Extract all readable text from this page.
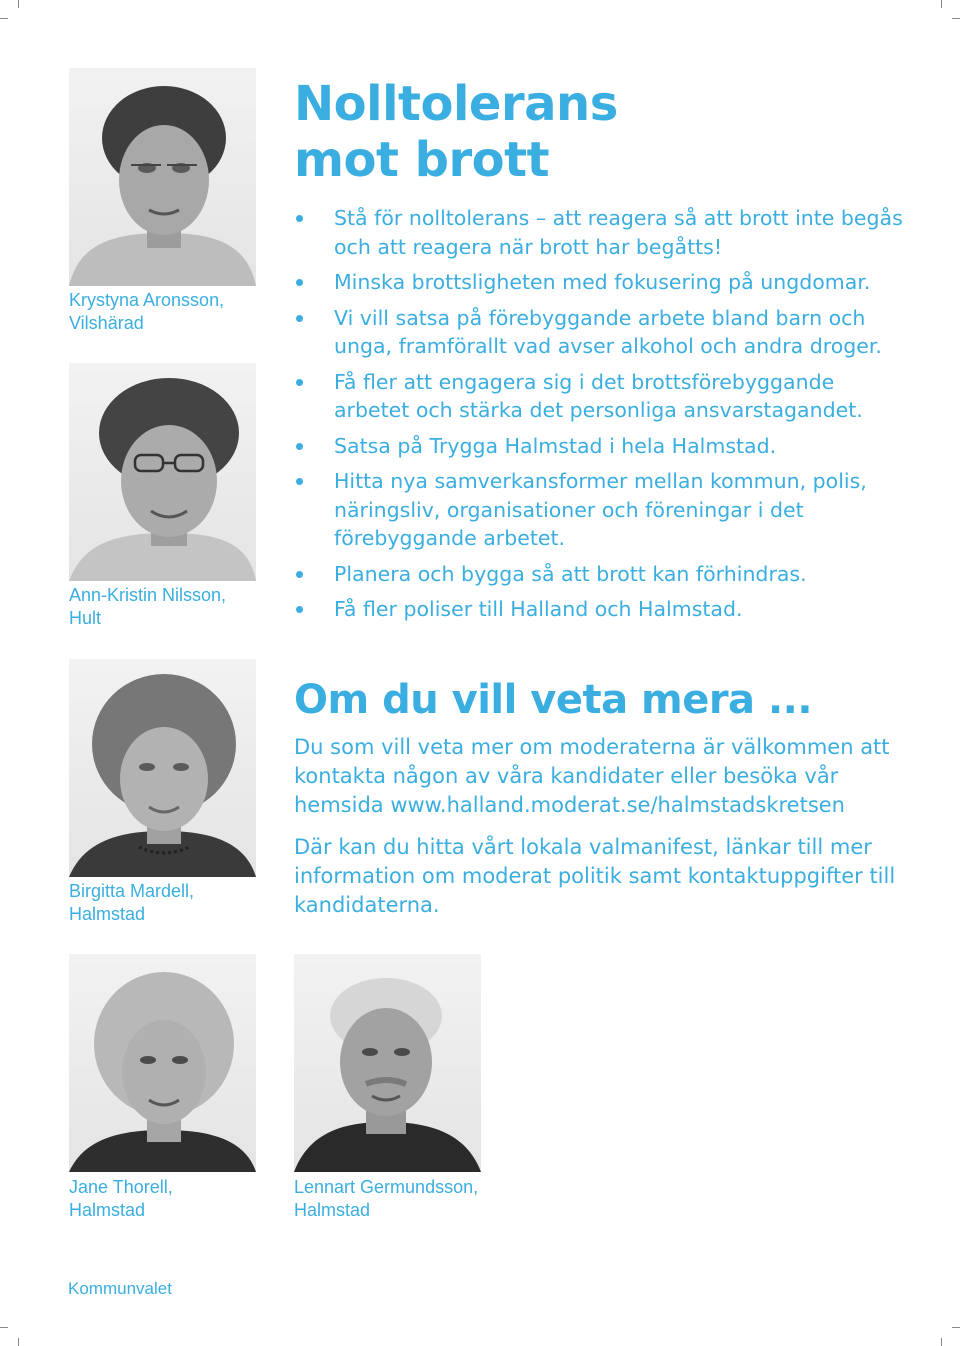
Krystyna Aronsson,
Vilshärad
Ann-Kristin Nilsson,
Hult
Birgitta Mardell,
Halmstad
Jane Thorell,
Halmstad
Lennart Germundsson,
Halmstad
Nolltolerans
mot brott
Stå för nolltolerans – att reagera så att brott inte begås och att reagera när brott har begåtts!
Minska brottsligheten med fokusering på ungdomar.
Vi vill satsa på förebyggande arbete bland barn och unga, framförallt vad avser alkohol och andra droger.
Få fler att engagera sig i det brottsförebyggande arbetet och stärka det personliga ansvarstagandet.
Satsa på Trygga Halmstad i hela Halmstad.
Hitta nya samverkansformer mellan kommun, polis, näringsliv, organisationer och föreningar i det förebyggande arbetet.
Planera och bygga så att brott kan förhindras.
Få fler poliser till Halland och Halmstad.
Om du vill veta mera ...

Du som vill veta mer om moderaterna är välkommen att kontakta någon av våra kandidater eller besöka vår hemsida www.halland.moderat.se/halmstadskretsen

Där kan du hitta vårt lokala valmanifest, länkar till mer information om moderat politik samt kontaktuppgifter till kandidaterna.

Kommunvalet
